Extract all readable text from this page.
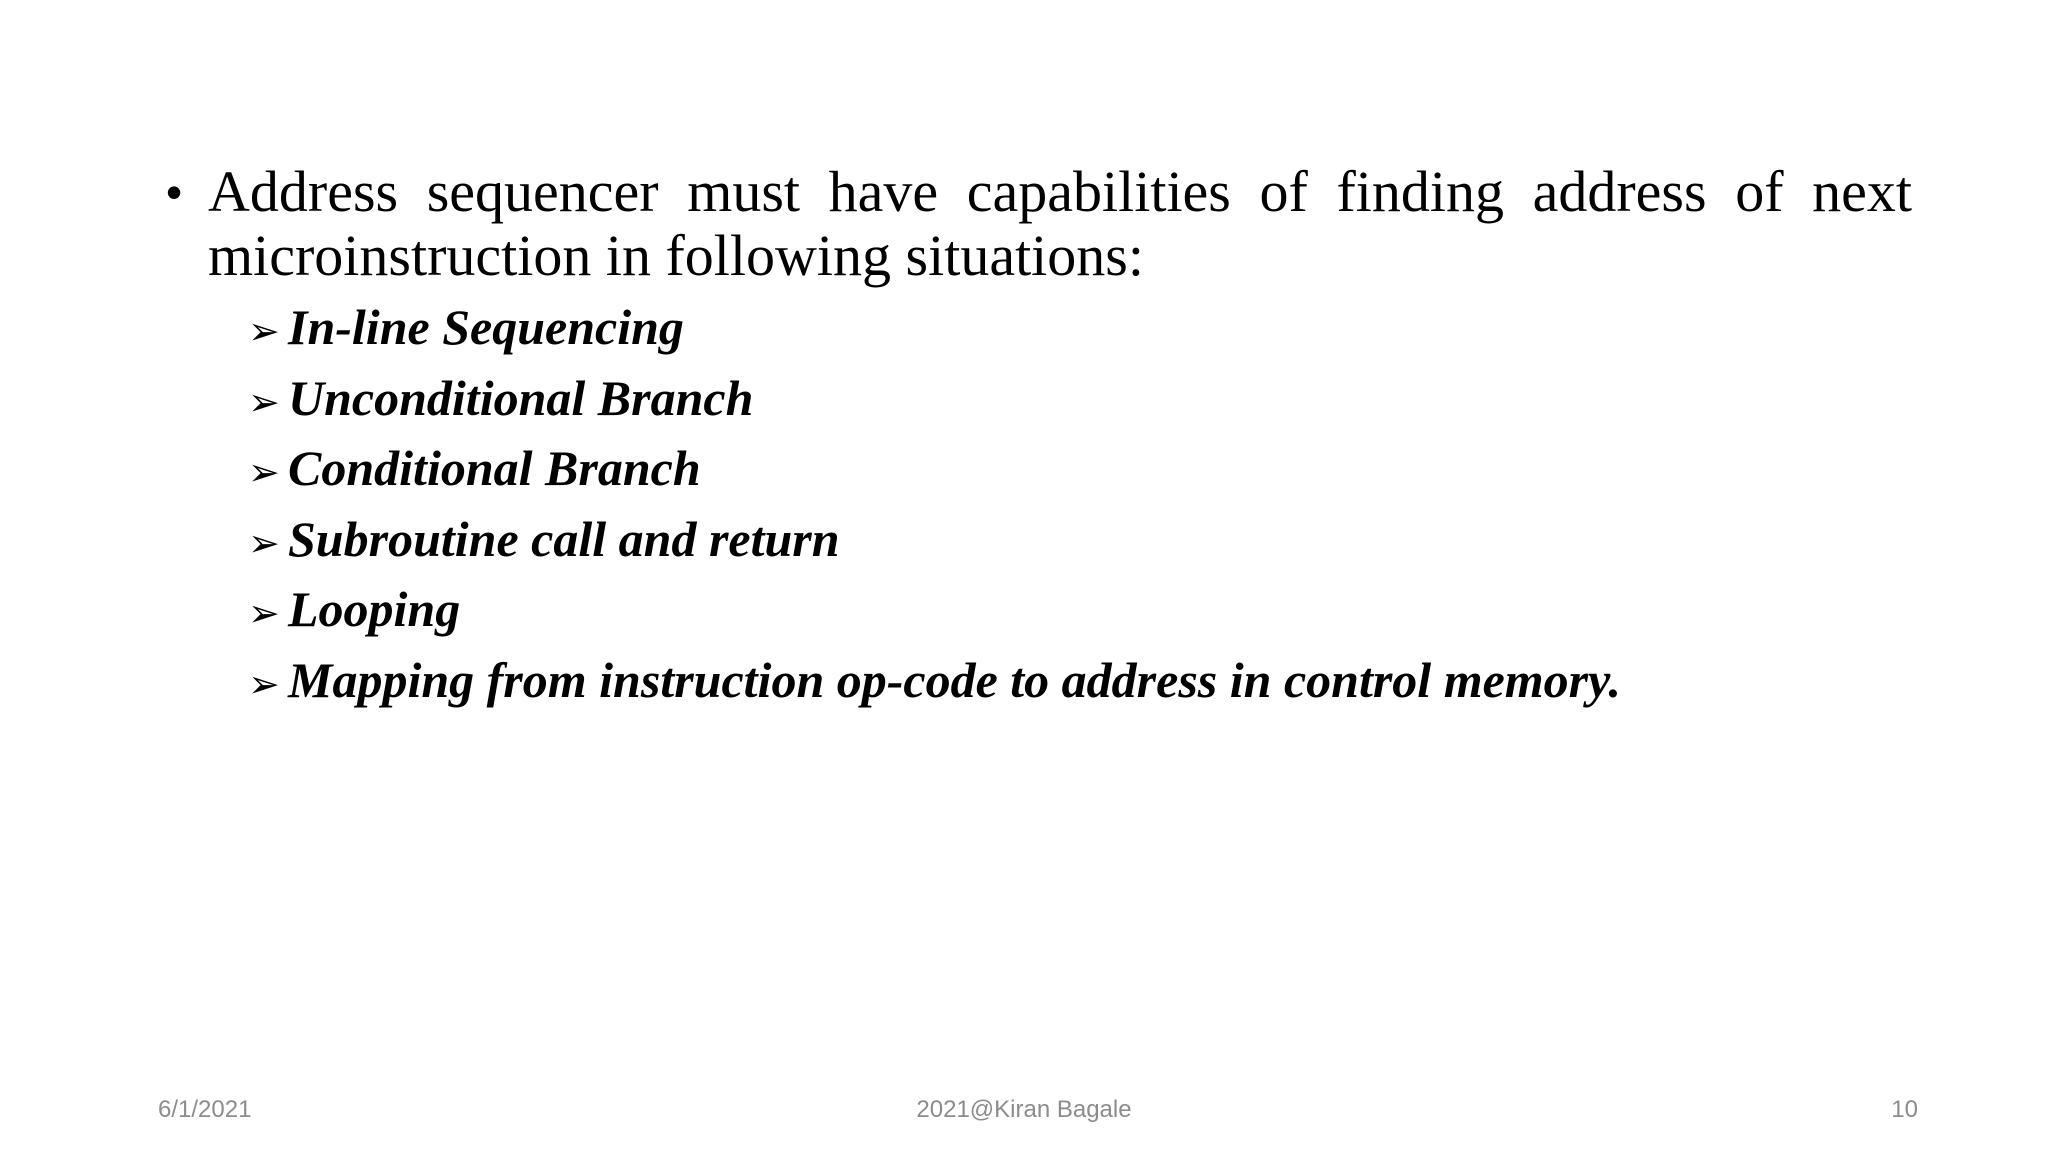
• Address sequencer must have capabilities of finding address of next microinstruction in following situations:
➢ In-line Sequencing
➢ Unconditional Branch
➢ Conditional Branch
➢ Subroutine call and return
➢ Looping
➢ Mapping from instruction op-code to address in control memory.
6/1/2021	2021@Kiran Bagale	10
